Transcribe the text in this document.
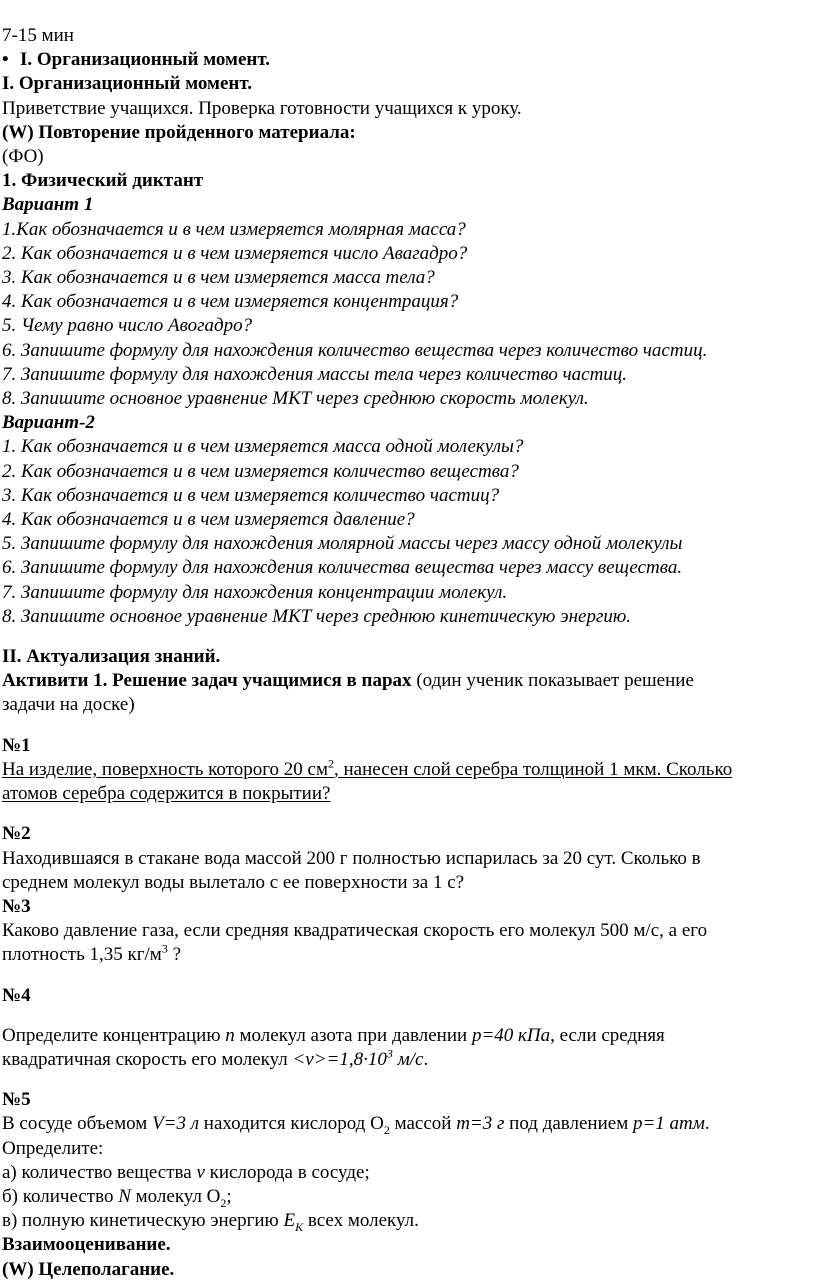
7-15 мин
• I. Организационный момент.
I. Организационный момент.
Приветствие учащихся. Проверка готовности учащихся к уроку.
(W) Повторение пройденного материала:
(ФО)
1. Физический диктант
Вариант 1
1.Как обозначается и в чем измеряется молярная масса?
2. Как обозначается и в чем измеряется число Авагадро?
3. Как обозначается и в чем измеряется масса тела?
4. Как обозначается и в чем измеряется концентрация?
5. Чему равно число Авогадро?
6. Запишите формулу для нахождения количество вещества через количество частиц.
7. Запишите формулу для нахождения массы тела через количество частиц.
8. Запишите основное уравнение МКТ через среднюю скорость молекул.
Вариант-2
1. Как обозначается и в чем измеряется масса одной молекулы?
2. Как обозначается и в чем измеряется количество вещества?
3. Как обозначается и в чем измеряется количество частиц?
4. Как обозначается и в чем измеряется давление?
5. Запишите формулу для нахождения молярной массы через массу одной молекулы
6. Запишите формулу для нахождения количества вещества через массу вещества.
7. Запишите формулу для нахождения концентрации молекул.
8. Запишите основное уравнение МКТ через среднюю кинетическую энергию.
II. Актуализация знаний.
Активити 1. Решение задач учащимися в парах (один ученик показывает решение
задачи на доске)
№1
На изделие, поверхность которого 20 $см^2$, нанесен слой серебра толщиной 1 мкм. Сколько
атомов серебра содержится в покрытии?
№2
Находившаяся в стакане вода массой 200 г полностью испарилась за 20 сут. Сколько в
среднем молекул воды вылетало с ее поверхности за 1 с?
№3
Каково давление газа, если средняя квадратическая скорость его молекул 500 м/с, а его
плотность 1,35 $кг/м^3$ ?
№4
Определите концентрацию n молекул азота при давлении p=40 кПа, если средняя
квадратичная скорость его молекул $<v>=1,8\cdot 10^3$ м/с.
№5
В сосуде объемом V=3 л находится кислород $O_2$ массой m=3 г под давлением p=1 атм.
Определите:
а) количество вещества ν кислорода в сосуде;
б) количество N молекул $O_2$;
в) полную кинетическую энергию $E_K$ всех молекул.
Взаимооценивание.
(W) Целеполагание.
